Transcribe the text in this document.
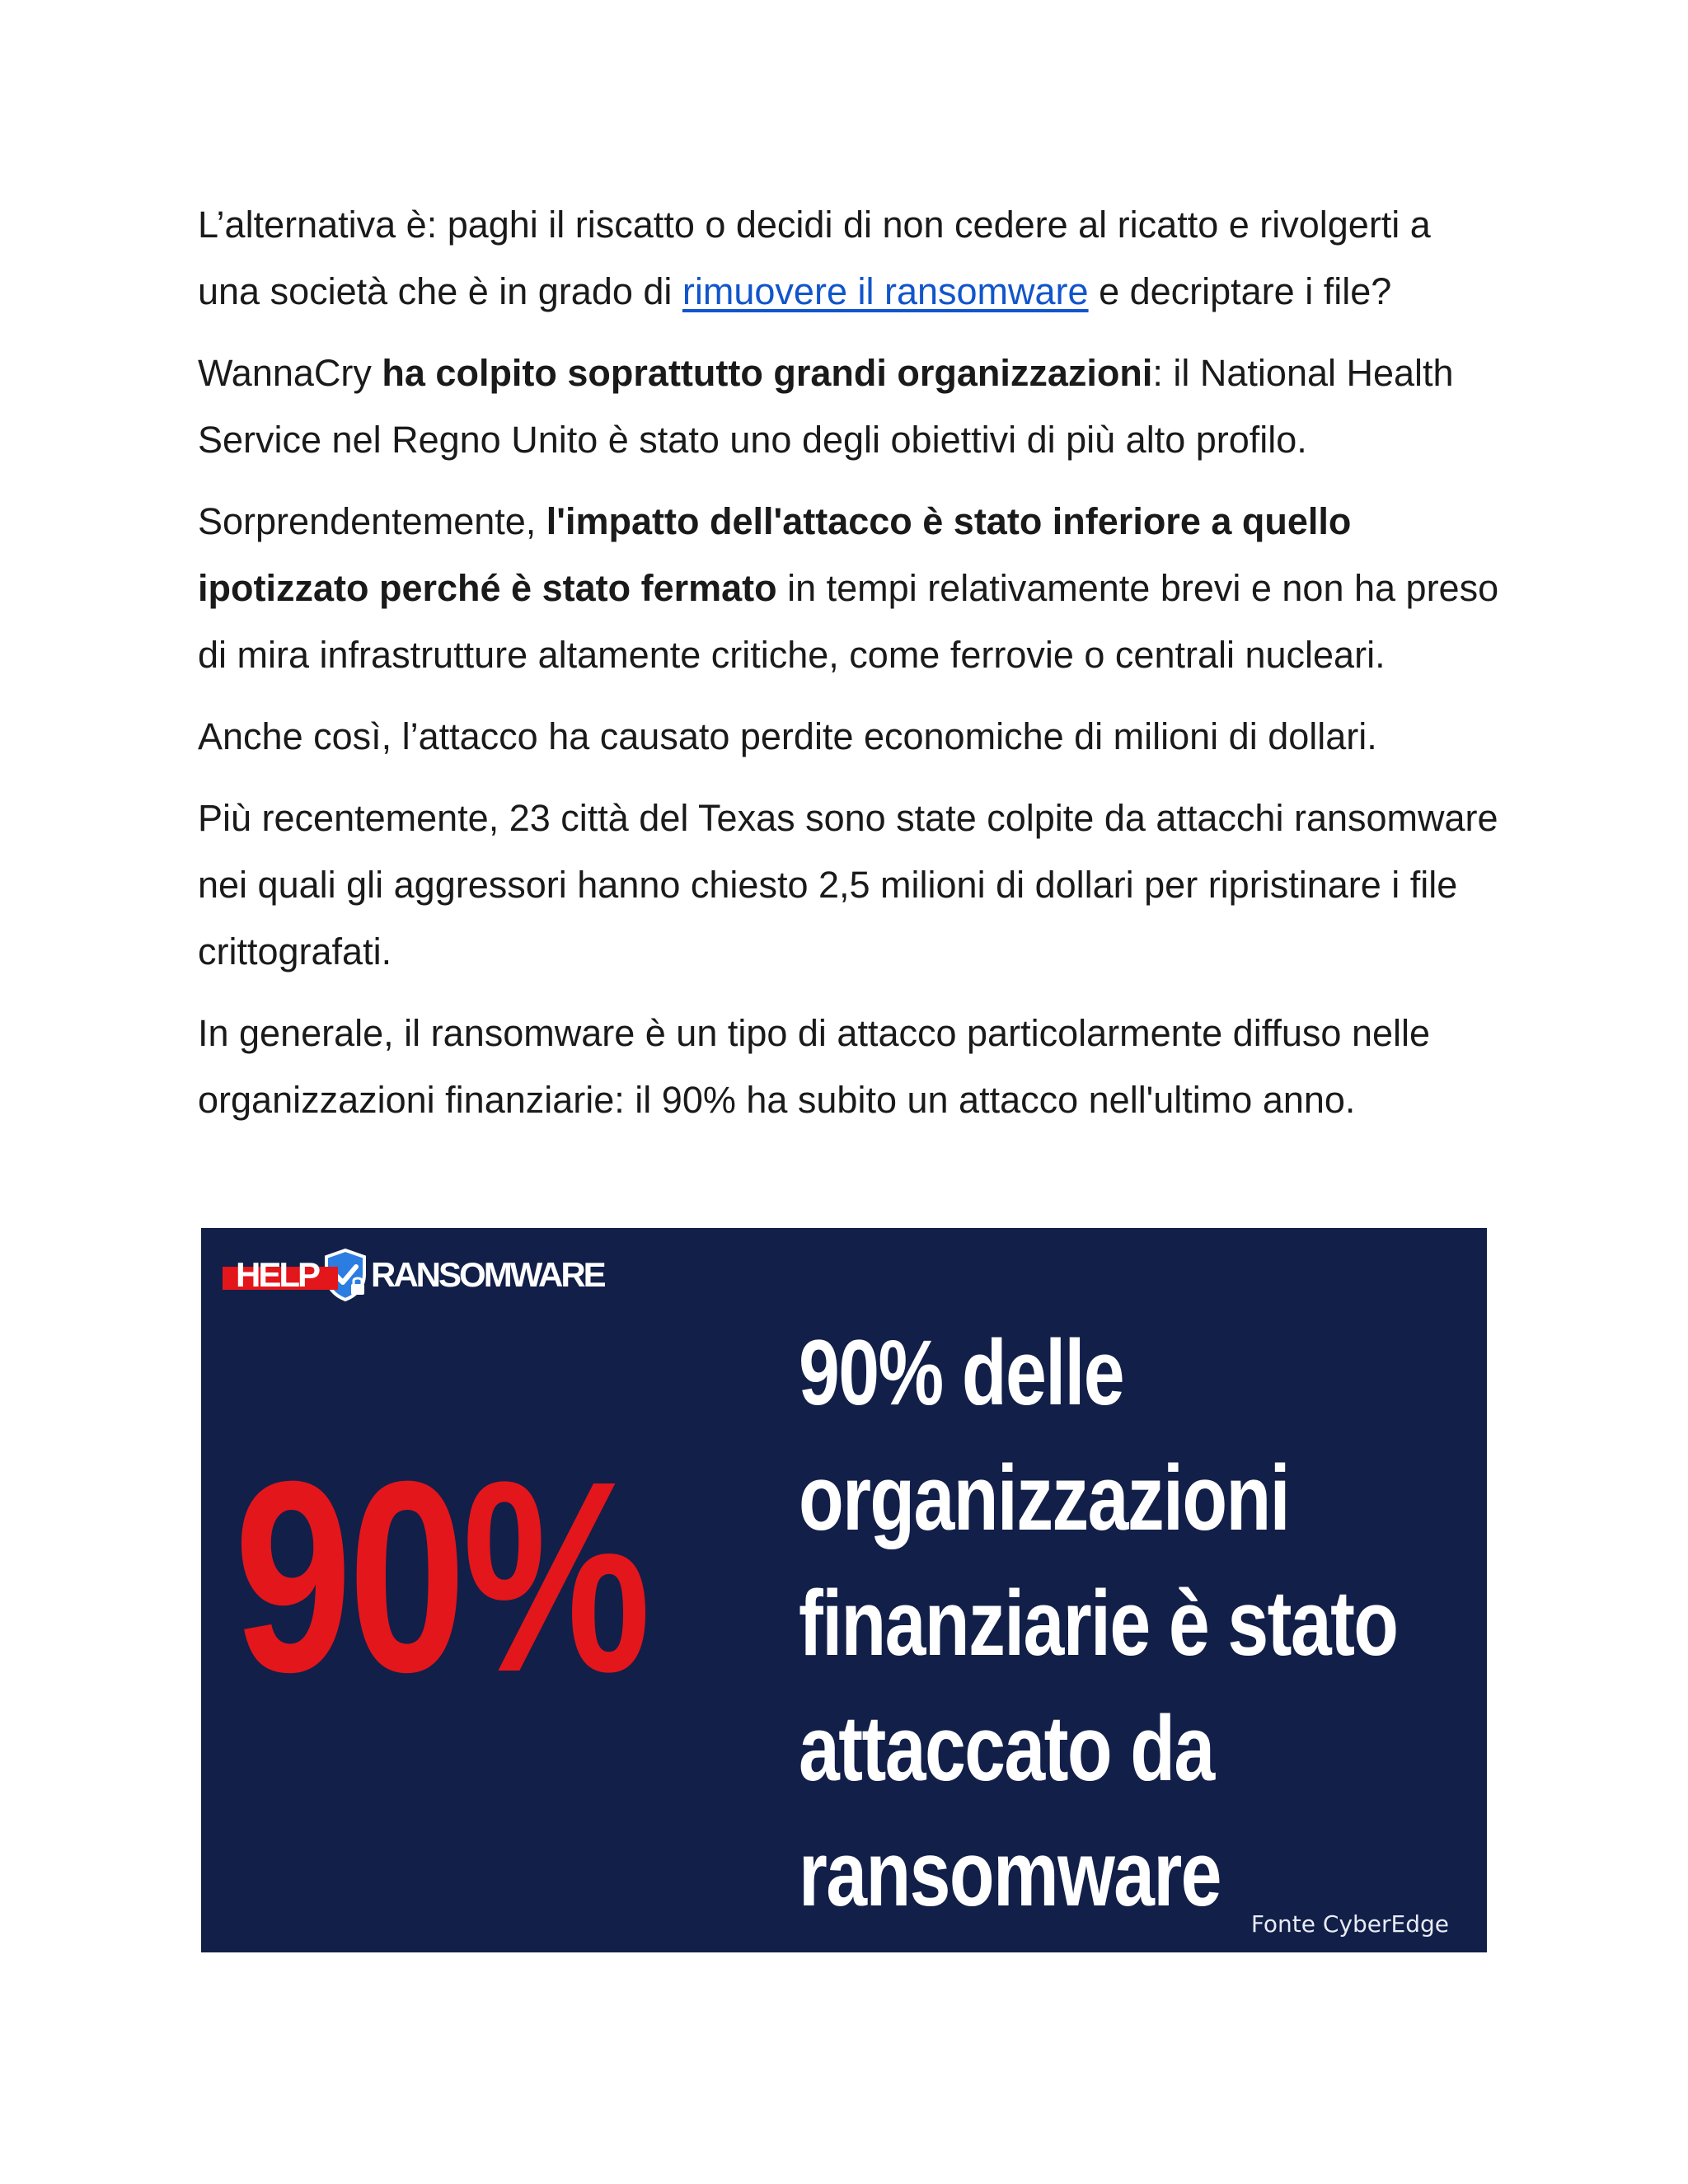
L’alternativa è: paghi il riscatto o decidi di non cedere al ricatto e rivolgerti a una società che è in grado di rimuovere il ransomware e decriptare i file?

WannaCry ha colpito soprattutto grandi organizzazioni: il National Health Service nel Regno Unito è stato uno degli obiettivi di più alto profilo.

Sorprendentemente, l'impatto dell'attacco è stato inferiore a quello ipotizzato perché è stato fermato in tempi relativamente brevi e non ha preso di mira infrastrutture altamente critiche, come ferrovie o centrali nucleari.

Anche così, l’attacco ha causato perdite economiche di milioni di dollari.

Più recentemente, 23 città del Texas sono state colpite da attacchi ransomware nei quali gli aggressori hanno chiesto 2,5 milioni di dollari per ripristinare i file crittografati.

In generale, il ransomware è un tipo di attacco particolarmente diffuso nelle organizzazioni finanziarie: il 90% ha subito un attacco nell'ultimo anno.

HELP RANSOMWARE
90%
90% delle
organizzazioni
finanziarie è stato
attaccato da
ransomware	Fonte CyberEdge
